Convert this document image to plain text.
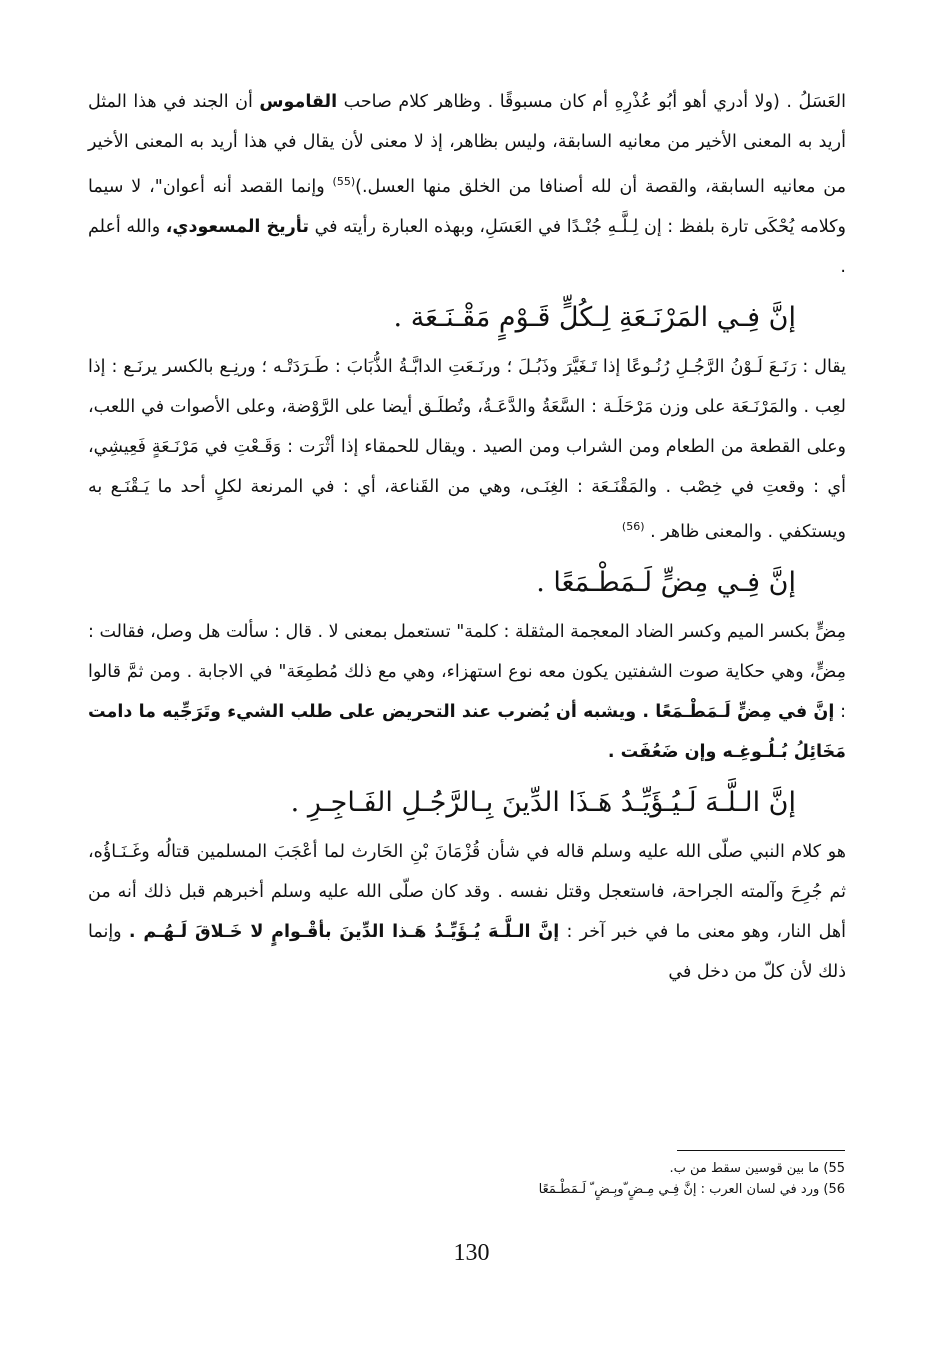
العَسَلُ . (ولا أدري أهو أبُو عُذْرِهِ أم كان مسبوقًا . وظاهر كلام صاحب القاموس أن الجند في هذا المثل أريد به المعنى الأخير من معانيه السابقة، وليس بظاهر، إذ لا معنى لأن يقال في هذا أريد به المعنى الأخير من معانيه السابقة، والقصة أن لله أصنافا من الخلق منها العسل.)$^{(55)}$ وإنما القصد أنه أعوان"، لا سيما وكلامه يُحْكَى تارة بلفظ : إن لِـلَّـهِ جُنْـدًا في العَسَلِ، وبهذه العبارة رأيته في تأريخ المسعودي، والله أعلم .

إنَّ فِـي المَرْنَـعَةِ لِـكُلٍّ قَـوْمٍ مَقْـنَـعَة .

يقال : رَنَـعَ لَـوْنُ الرَّجُـلِ رُنُـوعًا إذا تَـغَيَّرَ وذَبُـلَ ؛ ورنَـعَتِ الدابَّـةُ الذُّبَابَ : طَـرَدَتْـه ؛ ورنِـع بالكسر يرنَـع : إذا لعِب . والمَرْنَـعَة على وزن مَرْحَلَـة : السَّعَةُ والدَّعَـةُ، وتُطلَـق أيضا على الرَّوْضة، وعلى الأصوات في اللعب، وعلى القطعة من الطعام ومن الشراب ومن الصيد . ويقال للحمقاء إذا أثْرَت : وَقَـعْتِ في مَرْنَـعَةٍ فَعِيشِي، أي : وقعتِ في خِصْب . والمَقْنَـعَة : الغِنَـى، وهي من القَناعة، أي : في المرنعة لكلٍ أحد ما يَـقْنَـع به ويستكفي . والمعنى ظاهر . $^{(56)}$

إنَّ فِـي مِضٍّ لَـمَطْـمَعًا .

مِضٍّ بكسر الميم وكسر الضاد المعجمة المثقلة : كلمة" تستعمل بمعنى لا . قال : سألت هل وصل، فقالت : مِضٍّ، وهي حكاية صوت الشفتين يكون معه نوع استهزاء، وهي مع ذلك مُطمِعَة" في الاجابة . ومن ثمَّ قالوا : إنَّ في مِضٍّ لَـمَطْـمَعًا . ويشبه أن يُضرب عند التحريض على طلب الشيء وتَرَجِّيه ما دامت مَخَائِلُ بُـلُـوغِـه وإن ضَعُفَت .

إنَّ الـلَّـهَ لَـيُـؤَيِّـدُ هَـذَا الدِّينَ بِـالرَّجُـلِ الفَـاجِـرِ .

هو كلام النبي صلّى الله عليه وسلم قاله في شأن قُزْمَانَ بْنِ الحَارث لما أعْجَبَ المسلمين قتالُه وغَـنَـاؤُه، ثم جُرِحَ وآلمته الجراحة، فاستعجل وقتل نفسه . وقد كان صلّى الله عليه وسلم أخبرهم قبل ذلك أنه من أهل النار، وهو معنى ما في خبر آخر : إنَّ الـلَّـهَ يُـؤَيِّـدُ هَـذا الدِّينَ بأقْـوامٍ لا خَـلاقَ لَـهُـم . وإنما ذلك لأن كلّ من دخل في

55) ما بين قوسين سقط من ب.
56) ورد في لسان العرب : إنَّ فِـي مِـضٍ ّوبِـضٍ ّ لَـمَطْـمَعًا
130
